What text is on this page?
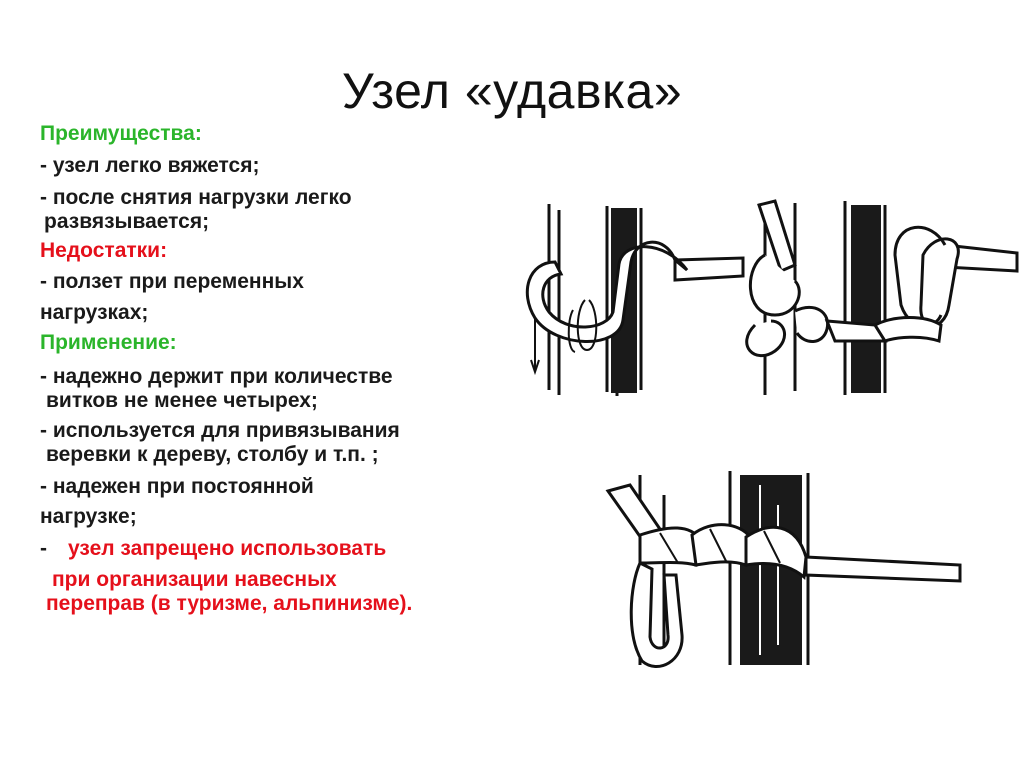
Узел «удавка»
Преимущества:
- узел легко вяжется;
- после снятия нагрузки легко
развязывается;
Недостатки:
- ползет при переменных
нагрузках;
Применение:
- надежно держит при количестве
витков не менее четырех;
- используется для привязывания
веревки к дереву, столбу и т.п. ;
- надежен при постоянной
нагрузке;
- узел запрещено использовать
при организации навесных
переправ (в туризме, альпинизме).
